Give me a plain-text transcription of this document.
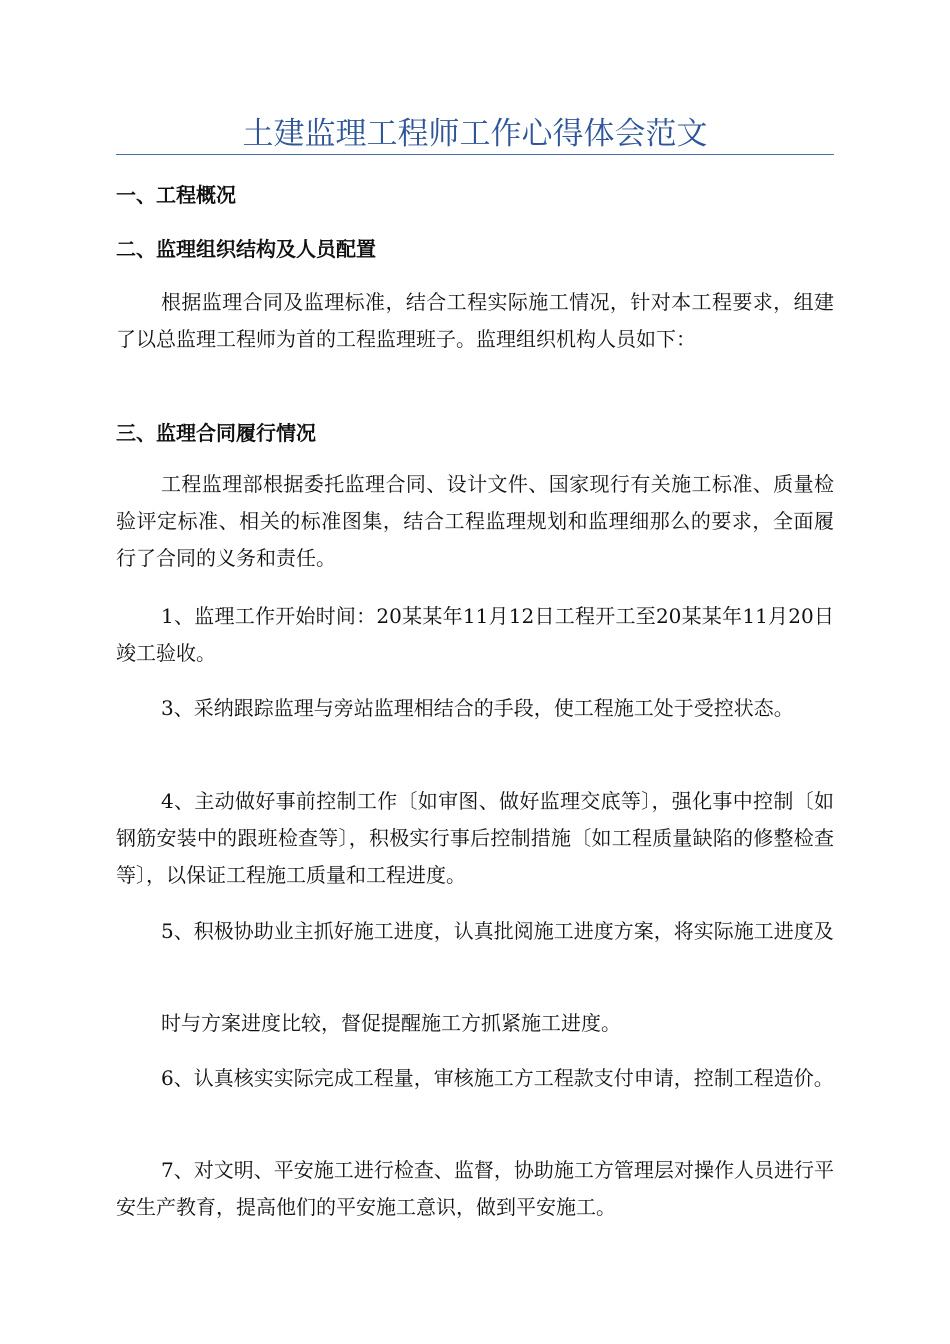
土建监理工程师工作心得体会范文
一、工程概况
二、监理组织结构及人员配置
根据监理合同及监理标准，结合工程实际施工情况，针对本工程要求，组建了以总监理工程师为首的工程监理班子。监理组织机构人员如下：
三、监理合同履行情况
工程监理部根据委托监理合同、设计文件、国家现行有关施工标准、质量检验评定标准、相关的标准图集，结合工程监理规划和监理细那么的要求，全面履行了合同的义务和责任。
1、监理工作开始时间：20某某年11月12日工程开工至20某某年11月20日竣工验收。
3、采纳跟踪监理与旁站监理相结合的手段，使工程施工处于受控状态。
4、主动做好事前控制工作〔如审图、做好监理交底等〕，强化事中控制〔如钢筋安装中的跟班检查等〕，积极实行事后控制措施〔如工程质量缺陷的修整检查等〕，以保证工程施工质量和工程进度。
5、积极协助业主抓好施工进度，认真批阅施工进度方案，将实际施工进度及
时与方案进度比较，督促提醒施工方抓紧施工进度。
6、认真核实实际完成工程量，审核施工方工程款支付申请，控制工程造价。
7、对文明、平安施工进行检查、监督，协助施工方管理层对操作人员进行平安生产教育，提高他们的平安施工意识，做到平安施工。
